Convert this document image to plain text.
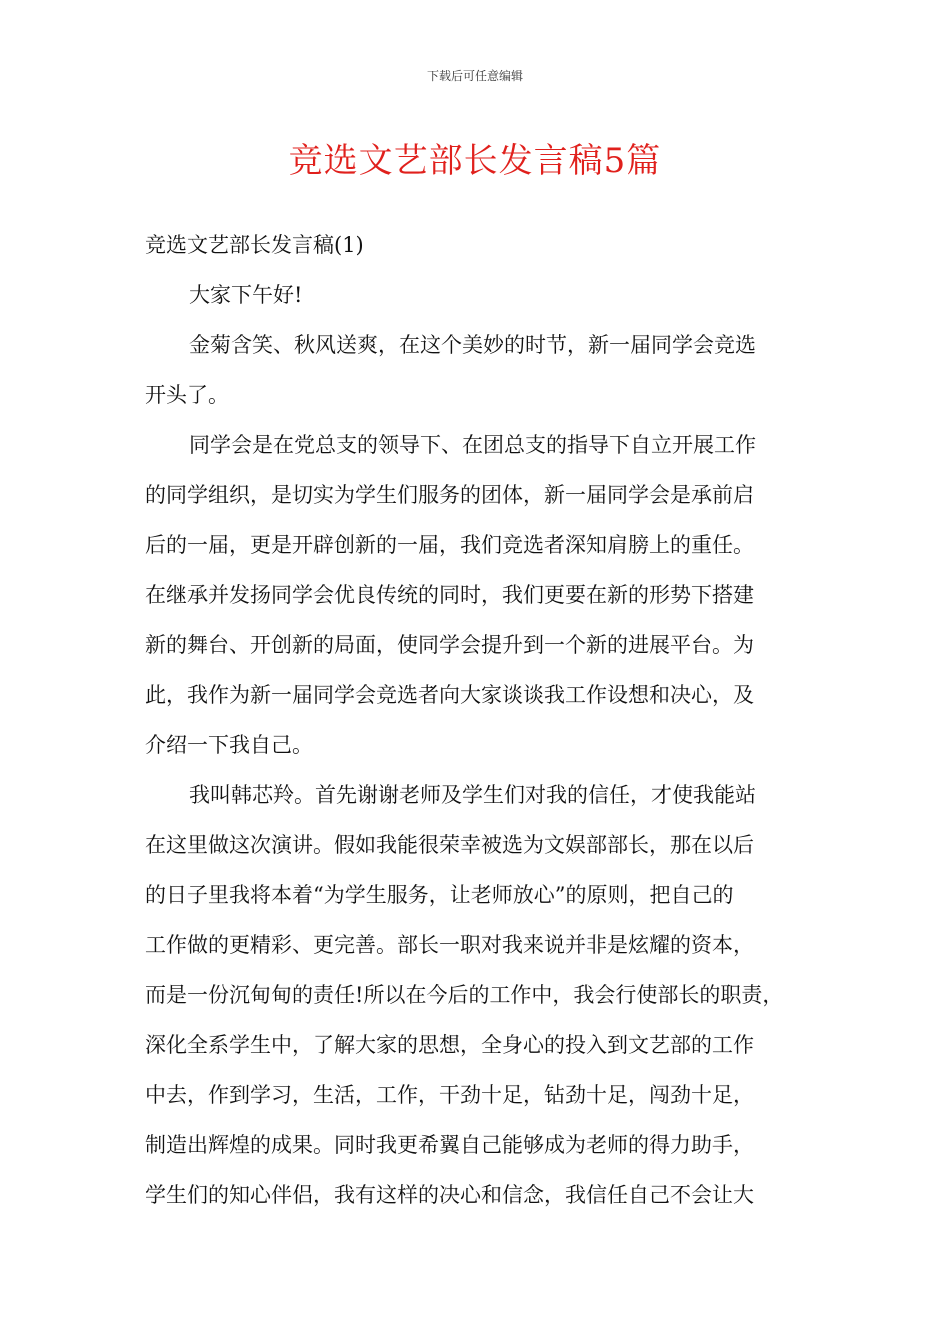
下载后可任意编辑
竞选文艺部长发言稿5篇
竞选文艺部长发言稿(1)
大家下午好!
金菊含笑、秋风送爽，在这个美妙的时节，新一届同学会竞选
开头了。
同学会是在党总支的领导下、在团总支的指导下自立开展工作
的同学组织，是切实为学生们服务的团体，新一届同学会是承前启
后的一届，更是开辟创新的一届，我们竞选者深知肩膀上的重任。
在继承并发扬同学会优良传统的同时，我们更要在新的形势下搭建
新的舞台、开创新的局面，使同学会提升到一个新的进展平台。为
此，我作为新一届同学会竞选者向大家谈谈我工作设想和决心，及
介绍一下我自己。
我叫韩芯羚。首先谢谢老师及学生们对我的信任，才使我能站
在这里做这次演讲。假如我能很荣幸被选为文娱部部长，那在以后
的日子里我将本着“为学生服务，让老师放心”的原则，把自己的
工作做的更精彩、更完善。部长一职对我来说并非是炫耀的资本，
而是一份沉甸甸的责任!所以在今后的工作中，我会行使部长的职责，
深化全系学生中，了解大家的思想，全身心的投入到文艺部的工作
中去，作到学习，生活，工作，干劲十足，钻劲十足，闯劲十足，
制造出辉煌的成果。同时我更希翼自己能够成为老师的得力助手，
学生们的知心伴侣，我有这样的决心和信念，我信任自己不会让大
